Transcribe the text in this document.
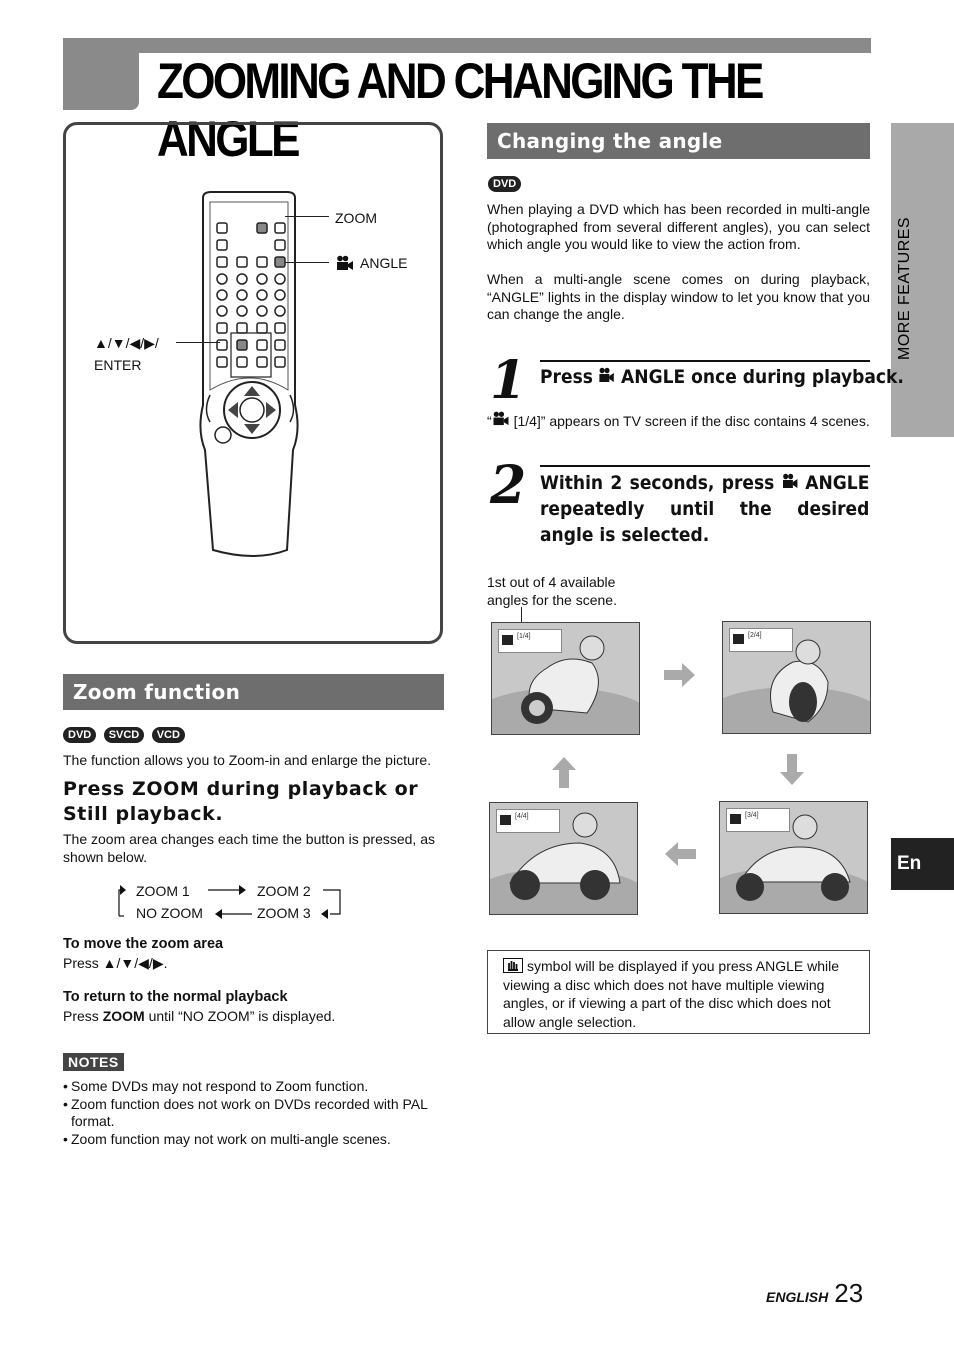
ZOOMING AND CHANGING THE ANGLE
MORE FEATURES
En
ZOOM
ANGLE
▲/▼/◀/▶/
ENTER
Zoom function
DVD SVCD VCD
The function allows you to Zoom-in and enlarge the picture.
Press ZOOM during playback or Still playback.
The zoom area changes each time the button is pressed, as shown below.
ZOOM 1	ZOOM 2
NO ZOOM	ZOOM 3
To move the zoom area
Press ▲/▼/◀/▶.
To return to the normal playback
Press ZOOM until “NO ZOOM” is displayed.
NOTES
• Some DVDs may not respond to Zoom function.
• Zoom function does not work on DVDs recorded with PAL format.
• Zoom function may not work on multi-angle scenes.
Changing the angle
DVD
When playing a DVD which has been recorded in multi-angle (photographed from several different angles), you can select which angle you would like to view the action from.
When a multi-angle scene comes on during playback, “ANGLE” lights in the display window to let you know that you can change the angle.
1 Press ANGLE once during playback.
“ [1/4]” appears on TV screen if the disc contains 4 scenes.
2 Within 2 seconds, press ANGLE repeatedly until the desired angle is selected.
1st out of 4 available angles for the scene.
[1/4]	[2/4]
[3/4]
[4/4]
symbol will be displayed if you press ANGLE while viewing a disc which does not have multiple viewing angles, or if viewing a part of the disc which does not allow angle selection.
ENGLISH 23
